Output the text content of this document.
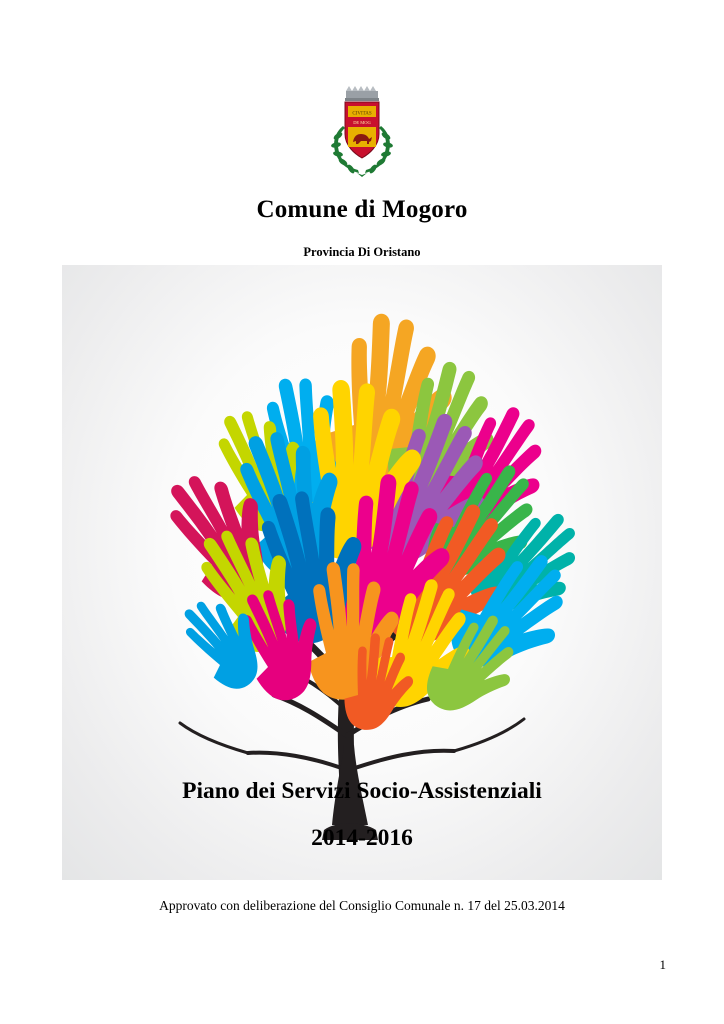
CIVITAS
DE MOG
Comune di Mogoro
Provincia Di Oristano
Piano dei Servizi Socio-Assistenziali
2014-2016
Approvato con deliberazione del Consiglio Comunale n. 17 del 25.03.2014
1
